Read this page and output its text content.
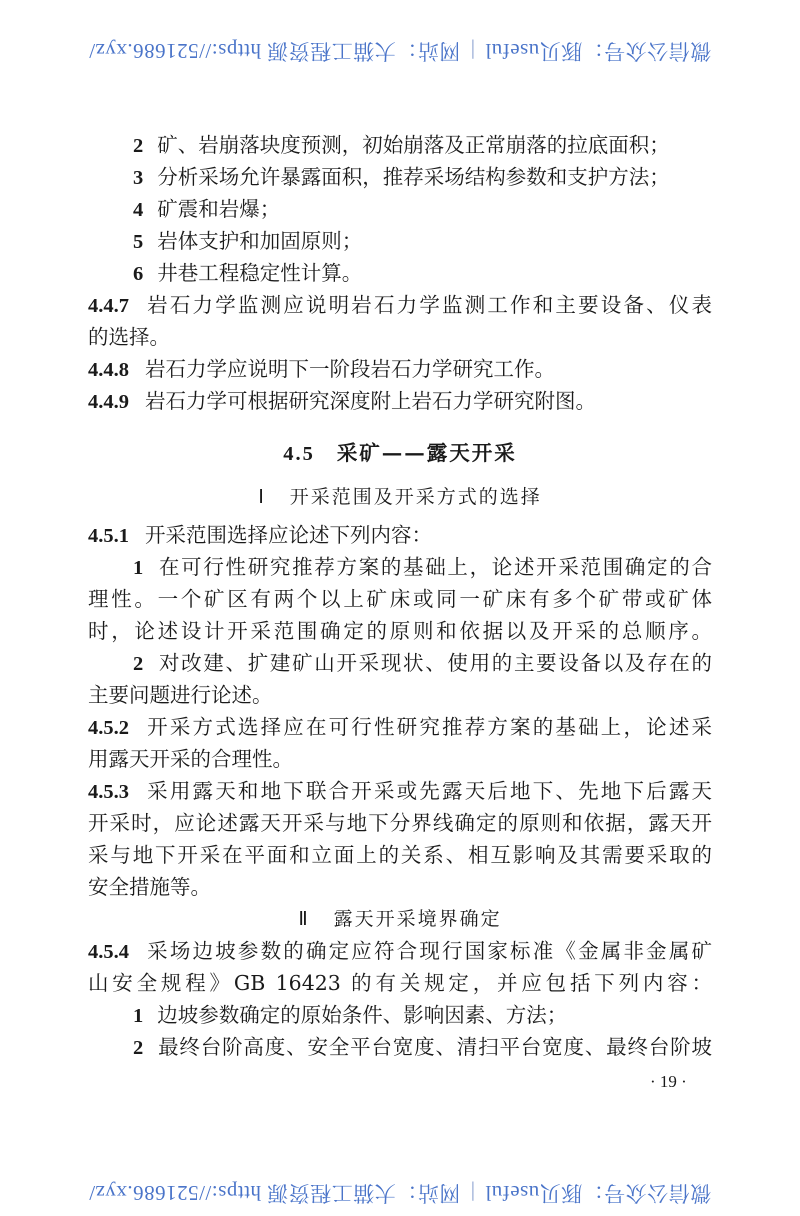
微信公众号：豚贝useful|网站：大猫工程资源 https://521686.xyz/
2 矿、岩崩落块度预测，初始崩落及正常崩落的拉底面积；
3 分析采场允许暴露面积，推荐采场结构参数和支护方法；
4 矿震和岩爆；
5 岩体支护和加固原则；
6 井巷工程稳定性计算。
4.4.7 岩石力学监测应说明岩石力学监测工作和主要设备、仪表
的选择。
4.4.8 岩石力学应说明下一阶段岩石力学研究工作。
4.4.9 岩石力学可根据研究深度附上岩石力学研究附图。
4.5 采矿——露天开采
Ⅰ 开采范围及开采方式的选择
4.5.1 开采范围选择应论述下列内容：
1 在可行性研究推荐方案的基础上，论述开采范围确定的合
理性。一个矿区有两个以上矿床或同一矿床有多个矿带或矿体
时，论述设计开采范围确定的原则和依据以及开采的总顺序。
2 对改建、扩建矿山开采现状、使用的主要设备以及存在的
主要问题进行论述。
4.5.2 开采方式选择应在可行性研究推荐方案的基础上，论述采
用露天开采的合理性。
4.5.3 采用露天和地下联合开采或先露天后地下、先地下后露天
开采时，应论述露天开采与地下分界线确定的原则和依据，露天开
采与地下开采在平面和立面上的关系、相互影响及其需要采取的
安全措施等。
Ⅱ 露天开采境界确定
4.5.4 采场边坡参数的确定应符合现行国家标准《金属非金属矿
山安全规程》GB 16423 的有关规定，并应包括下列内容：
1 边坡参数确定的原始条件、影响因素、方法；
2 最终台阶高度、安全平台宽度、清扫平台宽度、最终台阶坡
· 19 ·
微信公众号：豚贝useful|网站：大猫工程资源 https://521686.xyz/
